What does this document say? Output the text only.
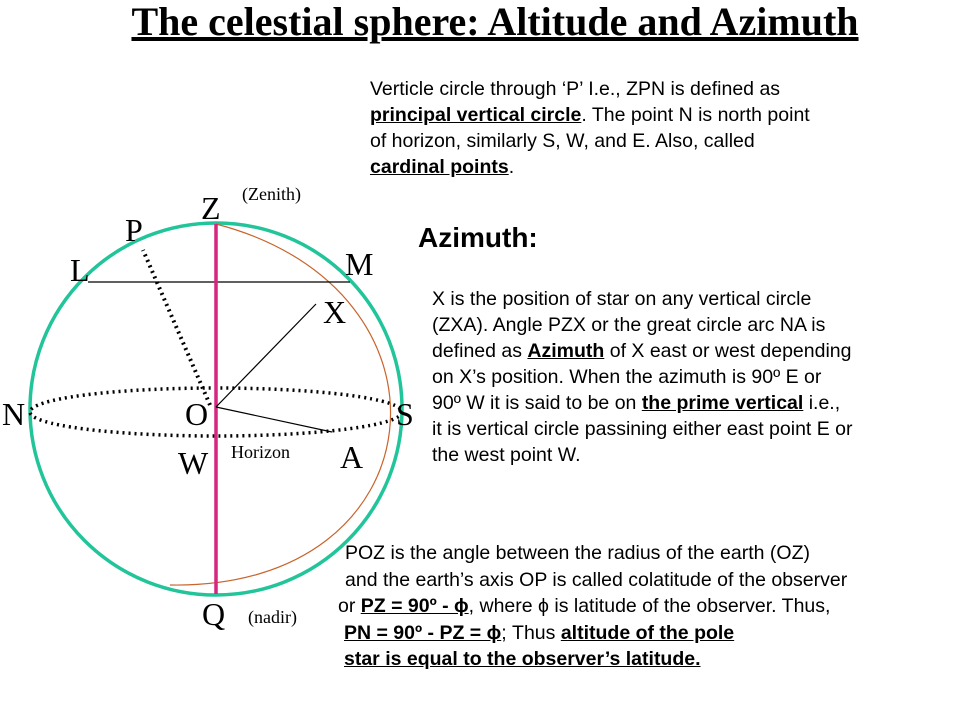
The celestial sphere: Altitude and Azimuth
Z (Zenith)
P
L	M
X
N	O	S
W Horizon A
Q (nadir)
Verticle circle through ‘P’ I.e., ZPN is defined as
principal vertical circle. The point N is north point
of horizon, similarly S, W, and E. Also, called
cardinal points.
Azimuth:
X is the position of star on any vertical circle
(ZXA). Angle PZX or the great circle arc NA is
defined as Azimuth of X east or west depending
on X’s position. When the azimuth is 90º E or
90º W it is said to be on the prime vertical i.e.,
it is vertical circle passining either east point E or
the west point W.
POZ is the angle between the radius of the earth (OZ)
and the earth’s axis OP is called colatitude of the observer
or PZ = 90º - ϕ, where ϕ is latitude of the observer. Thus,
PN = 90º - PZ = ϕ; Thus altitude of the pole
star is equal to the observer’s latitude.
